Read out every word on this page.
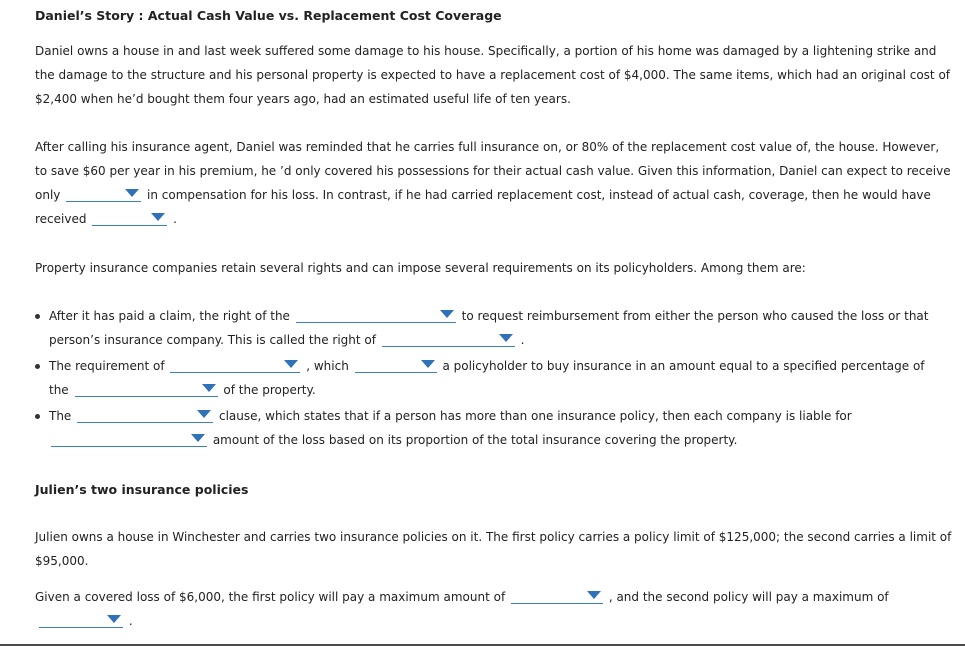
Daniel’s Story : Actual Cash Value vs. Replacement Cost Coverage

Daniel owns a house in and last week suffered some damage to his house. Specifically, a portion of his home was damaged by a lightening strike and the damage to the structure and his personal property is expected to have a replacement cost of $4,000. The same items, which had an original cost of $2,400 when he’d bought them four years ago, had an estimated useful life of ten years.

After calling his insurance agent, Daniel was reminded that he carries full insurance on, or 80% of the replacement cost value of, the house. However, to save $60 per year in his premium, he ’d only covered his possessions for their actual cash value. Given this information, Daniel can expect to receive only	in compensation for his loss. In contrast, if he had carried replacement cost, instead of actual cash, coverage, then he would have received	.

Property insurance companies retain several rights and can impose several requirements on its policyholders. Among them are:

After it has paid a claim, the right of the	to request reimbursement from either the person who caused the loss or that person’s insurance company. This is called the right of	.
The requirement of	, which	a policyholder to buy insurance in an amount equal to a specified percentage of the	of the property.
The	clause, which states that if a person has more than one insurance policy, then each company is liable for
amount of the loss based on its proportion of the total insurance covering the property.

Julien’s two insurance policies

Julien owns a house in Winchester and carries two insurance policies on it. The first policy carries a policy limit of $125,000; the second carries a limit of $95,000.

Given a covered loss of $6,000, the first policy will pay a maximum amount of	, and the second policy will pay a maximum of

.
